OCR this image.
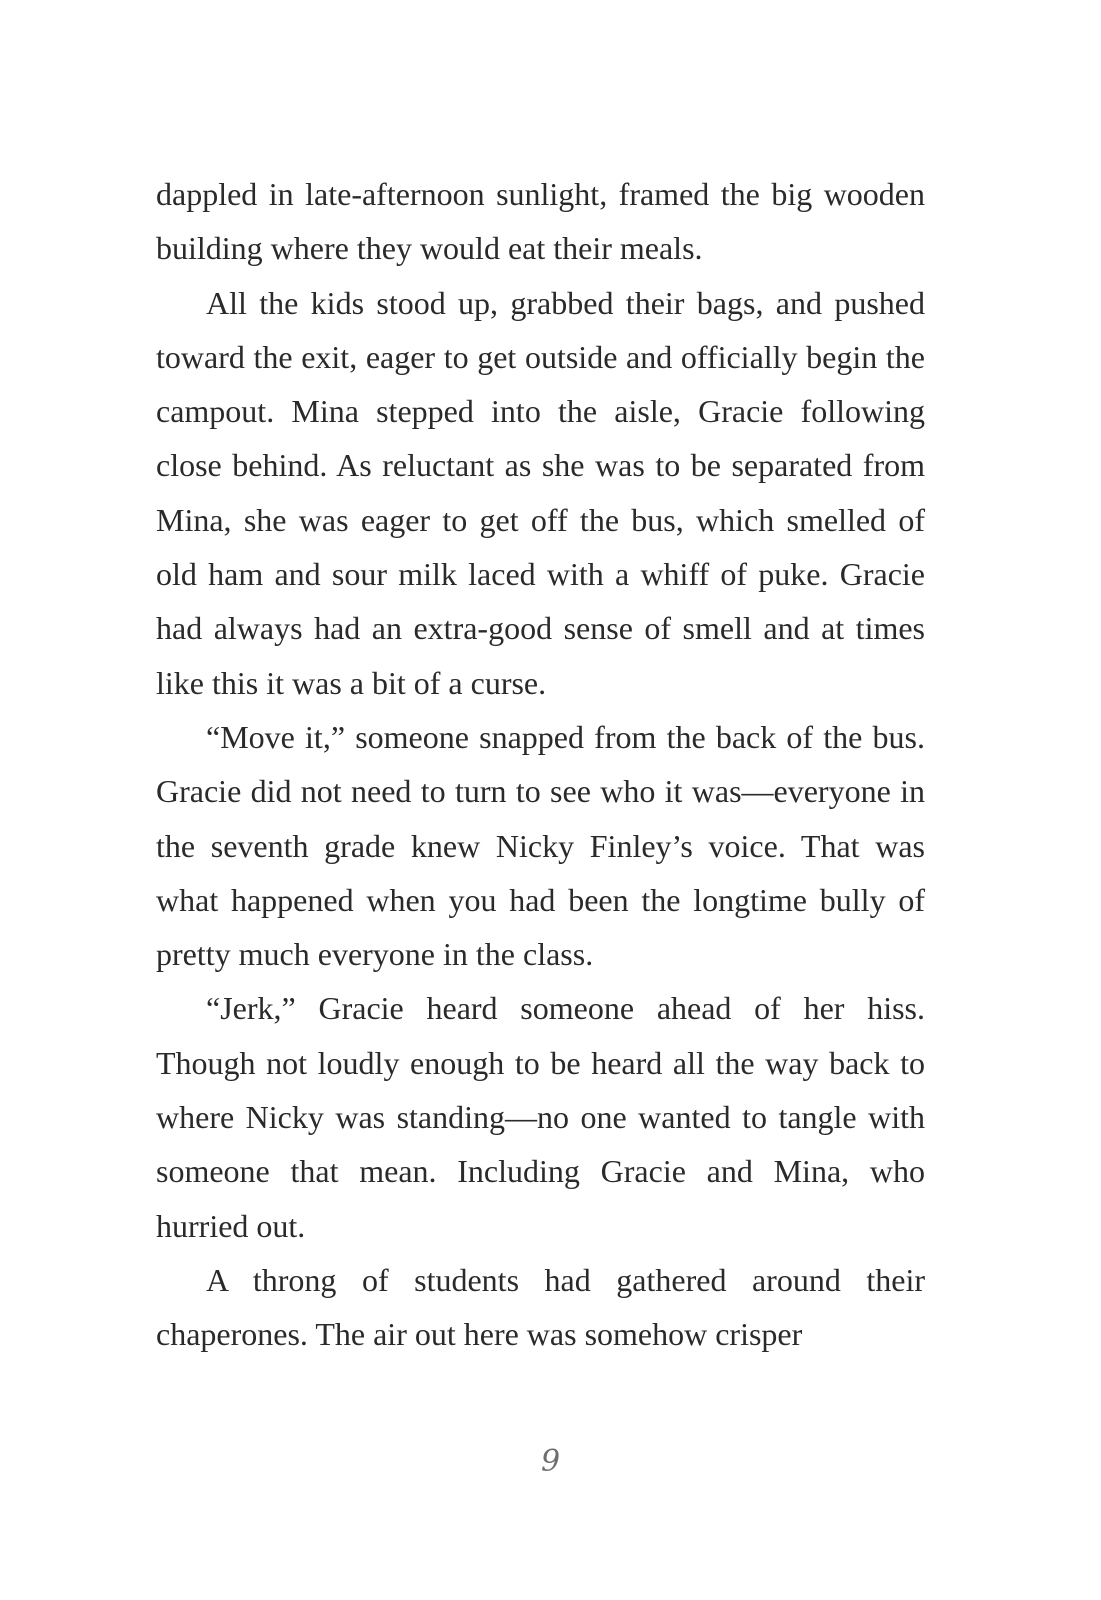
dappled in late-afternoon sunlight, framed the big wooden building where they would eat their meals.

All the kids stood up, grabbed their bags, and pushed toward the exit, eager to get outside and officially begin the campout. Mina stepped into the aisle, Gracie following close behind. As reluctant as she was to be separated from Mina, she was eager to get off the bus, which smelled of old ham and sour milk laced with a whiff of puke. Gracie had always had an extra-good sense of smell and at times like this it was a bit of a curse.

“Move it,” someone snapped from the back of the bus. Gracie did not need to turn to see who it was—everyone in the seventh grade knew Nicky Finley’s voice. That was what happened when you had been the longtime bully of pretty much everyone in the class.

“Jerk,” Gracie heard someone ahead of her hiss. Though not loudly enough to be heard all the way back to where Nicky was standing—no one wanted to tangle with someone that mean. Including Gracie and Mina, who hurried out.

A throng of students had gathered around their chaperones. The air out here was somehow crisper

9
